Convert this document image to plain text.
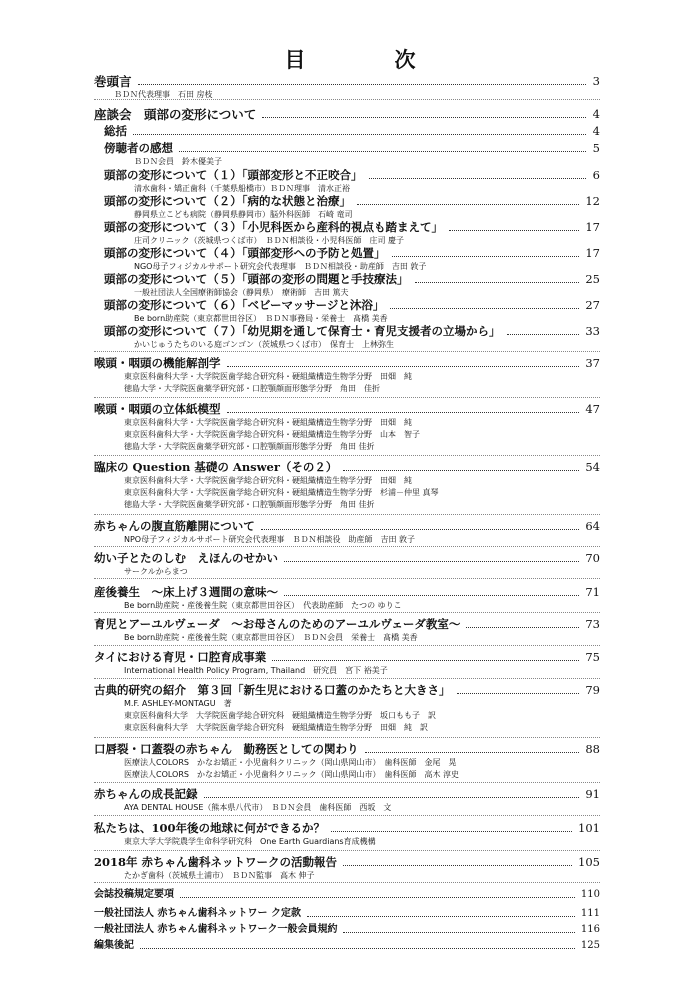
目　次
巻頭言	3
ＢＤＮ代表理事　石田 房枝
座談会　頭部の変形について	4
総括	4
傍聴者の感想	5
ＢＤＮ会員　鈴木優美子
頭部の変形について（１）「頭部変形と不正咬合」	6
清水歯科・矯正歯科（千葉県船橋市）ＢＤＮ理事　清水正裕
頭部の変形について（２）「病的な状態と治療」	12
静岡県立こども病院（静岡県静岡市）脳外科医師　石崎 竜司
頭部の変形について（３）「小児科医から産科的視点も踏まえて」	17
庄司クリニック（茨城県つくば市）　ＢＤＮ相談役・小児科医師　庄司 慶子
頭部の変形について（４）「頭部変形への予防と処置」	17
NGO母子フィジカルサポート研究会代表理事　ＢＤＮ相談役・助産師　吉田 敦子
頭部の変形について（５）「頭部の変形の問題と手技療法」	25
一般社団法人全国療術師協会（静岡県）　療術師　吉田 篤夫
頭部の変形について（６）「ベビーマッサージと沐浴」	27
Be born助産院（東京都世田谷区）　ＢＤＮ事務局・栄養士　髙橋 美香
頭部の変形について（７）「幼児期を通して保育士・育児支援者の立場から」	33
かいじゅうたちのいる庭ゴンゴン（茨城県つくば市）　保育士　上林弥生
喉頭・咽頭の機能解剖学	37
東京医科歯科大学・大学院医歯学総合研究科・硬組織構造生物学分野　田畑　純
徳島大学・大学院医歯薬学研究部・口腔顎顔面形態学分野　角田　佳折
喉頭・咽頭の立体紙模型	47
東京医科歯科大学・大学院医歯学総合研究科・硬組織構造生物学分野　田畑　純
東京医科歯科大学・大学院医歯学総合研究科・硬組織構造生物学分野　山本　智子
徳島大学・大学院医歯薬学研究部・口腔顎顔面形態学分野　角田 佳折
臨床の Question 基礎の Answer（その２）	54
東京医科歯科大学・大学院医歯学総合研究科・硬組織構造生物学分野　田畑　純
東京医科歯科大学・大学院医歯学総合研究科・硬組織構造生物学分野　杉浦－仲里 真琴
徳島大学・大学院医歯薬学研究部・口腔顎顔面形態学分野　角田 佳折
赤ちゃんの腹直筋離開について	64
NPO母子フィジカルサポート研究会代表理事　ＢＤＮ相談役　助産師　吉田 敦子
幼い子とたのしむ　えほんのせかい	70
サークルからまつ
産後養生　～床上げ３週間の意味～	71
Be born助産院・産後養生院（東京都世田谷区）　代表助産師　たつの ゆりこ
育児とアーユルヴェーダ　～お母さんのためのアーユルヴェーダ教室～	73
Be born助産院・産後養生院（東京都世田谷区）　ＢＤＮ会員　栄養士　髙橋 美香
タイにおける育児・口腔育成事業	75
International Health Policy Program, Thailand　研究員　宮下 裕美子
古典的研究の紹介　第３回「新生児における口蓋のかたちと大きさ」	79
M.F. ASHLEY-MONTAGU　著
東京医科歯科大学　大学院医歯学総合研究科　硬組織構造生物学分野　坂口もも子　訳
東京医科歯科大学　大学院医歯学総合研究科　硬組織構造生物学分野　田畑　純　訳
口唇裂・口蓋裂の赤ちゃん　勤務医としての関わり	88
医療法人COLORS　かなお矯正・小児歯科クリニック（岡山県岡山市）　歯科医師　金尾　晃
医療法人COLORS　かなお矯正・小児歯科クリニック（岡山県岡山市）　歯科医師　高木 淳史
赤ちゃんの成長記録	91
AYA DENTAL HOUSE（熊本県八代市）　ＢＤＮ会員　歯科医師　西坂　文
私たちは、100年後の地球に何ができるか？	101
東京大学大学院農学生命科学研究科　One Earth Guardians育成機構
2018年 赤ちゃん歯科ネットワークの活動報告	105
たかぎ歯科（茨城県土浦市）　ＢＤＮ監事　高木 伸子
会誌投稿規定要項	110
一般社団法人 赤ちゃん歯科ネットワー ク定款	111
一般社団法人 赤ちゃん歯科ネットワーク一般会員規約	116
編集後記	125
